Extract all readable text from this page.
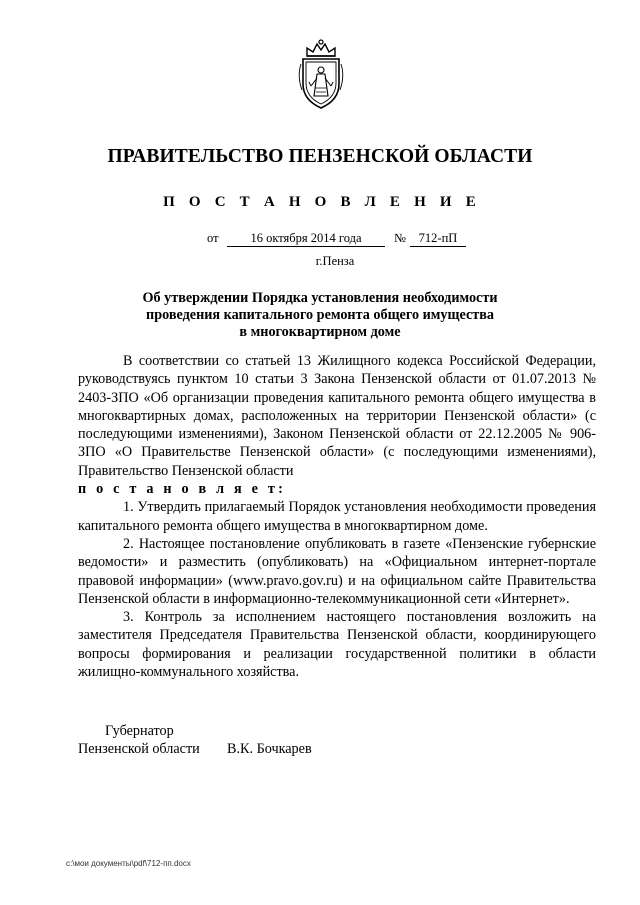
ПРАВИТЕЛЬСТВО ПЕНЗЕНСКОЙ ОБЛАСТИ
П О С Т А Н О В Л Е Н И Е
от	16 октября 2014 года	№	712-пП
г.Пенза
Об утверждении Порядка установления необходимости
проведения капитального ремонта общего имущества
в многоквартирном доме

В соответствии со статьей 13 Жилищного кодекса Российской Федерации, руководствуясь пунктом 10 статьи 3 Закона Пензенской области от 01.07.2013 № 2403-ЗПО «Об организации проведения капитального ремонта общего имущества в многоквартирных домах, расположенных на территории Пензенской области» (с последующими изменениями), Законом Пензенской области от 22.12.2005 № 906-ЗПО «О Правительстве Пензенской области» (с последующими изменениями), Правительство Пензенской области

п о с т а н о в л я е т:

1. Утвердить прилагаемый Порядок установления необходимости проведения капитального ремонта общего имущества в многоквартирном доме.

2. Настоящее постановление опубликовать в газете «Пензенские губернские ведомости» и разместить (опубликовать) на «Официальном интернет-портале правовой информации» (www.pravo.gov.ru) и на официальном сайте Правительства Пензенской области в информационно-телекоммуникационной сети «Интернет».

3. Контроль за исполнением настоящего постановления возложить на заместителя Председателя Правительства Пензенской области, координирующего вопросы формирования и реализации государственной политики в области жилищно-коммунального хозяйства.

Губернатор
Пензенской области В.К. Бочкарев
c:\мои документы\pdf\712-пп.docx
